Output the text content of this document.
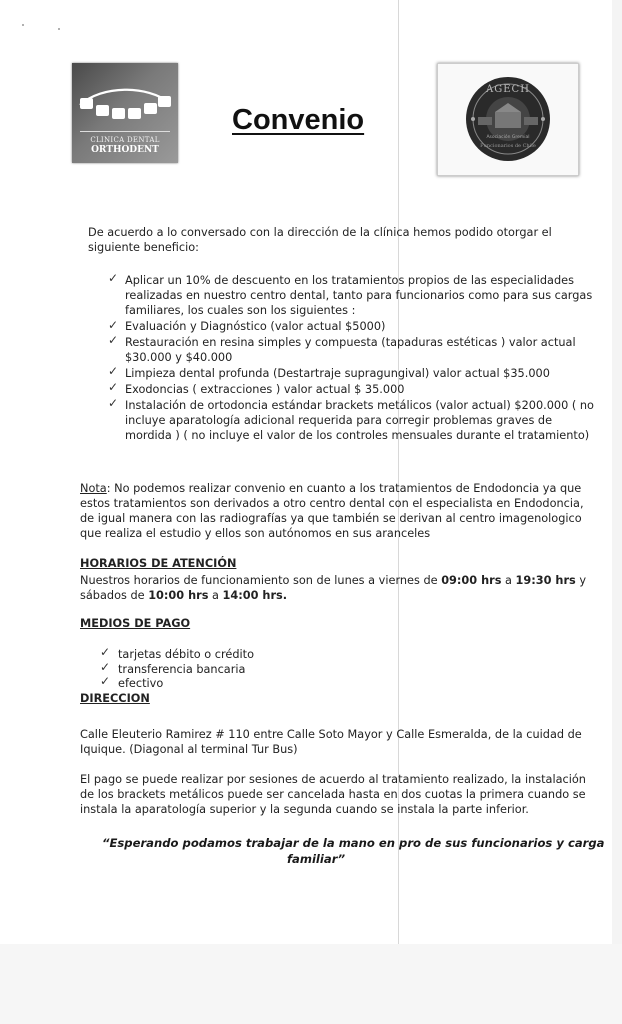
CLINICA DENTAL
ORTHODENT
Convenio
AGECH
Asociación Gremial
Funcionarios de Chile
De acuerdo a lo conversado con la dirección de la clínica hemos podido otorgar el
siguiente beneficio:
✓ Aplicar un 10% de descuento en los tratamientos propios de las especialidades
realizadas en nuestro centro dental, tanto para funcionarios como para sus cargas
familiares, los cuales son los siguientes :
✓ Evaluación y Diagnóstico (valor actual $5000)
✓ Restauración en resina simples y compuesta (tapaduras estéticas ) valor actual
$30.000 y $40.000
✓ Limpieza dental profunda (Destartraje supragungival) valor actual $35.000
✓ Exodoncias ( extracciones ) valor actual $ 35.000
✓ Instalación de ortodoncia estándar brackets metálicos (valor actual) $200.000 ( no
incluye aparatología adicional requerida para corregir problemas graves de
mordida ) ( no incluye el valor de los controles mensuales durante el tratamiento)
Nota: No podemos realizar convenio en cuanto a los tratamientos de Endodoncia ya que
estos tratamientos son derivados a otro centro dental con el especialista en Endodoncia,
de igual manera con las radiografías ya que también se derivan al centro imagenologico
que realiza el estudio y ellos son autónomos en sus aranceles
HORARIOS DE ATENCIÓN
Nuestros horarios de funcionamiento son de lunes a viernes de 09:00 hrs a 19:30 hrs y
sábados de 10:00 hrs a 14:00 hrs.
MEDIOS DE PAGO
✓ tarjetas débito o crédito
✓ transferencia bancaria
✓ efectivo
DIRECCION
Calle Eleuterio Ramirez # 110 entre Calle Soto Mayor y Calle Esmeralda, de la cuidad de
Iquique. (Diagonal al terminal Tur Bus)
El pago se puede realizar por sesiones de acuerdo al tratamiento realizado, la instalación
de los brackets metálicos puede ser cancelada hasta en dos cuotas la primera cuando se
instala la aparatología superior y la segunda cuando se instala la parte inferior.
“Esperando podamos trabajar de la mano en pro de sus funcionarios y carga
familiar”
